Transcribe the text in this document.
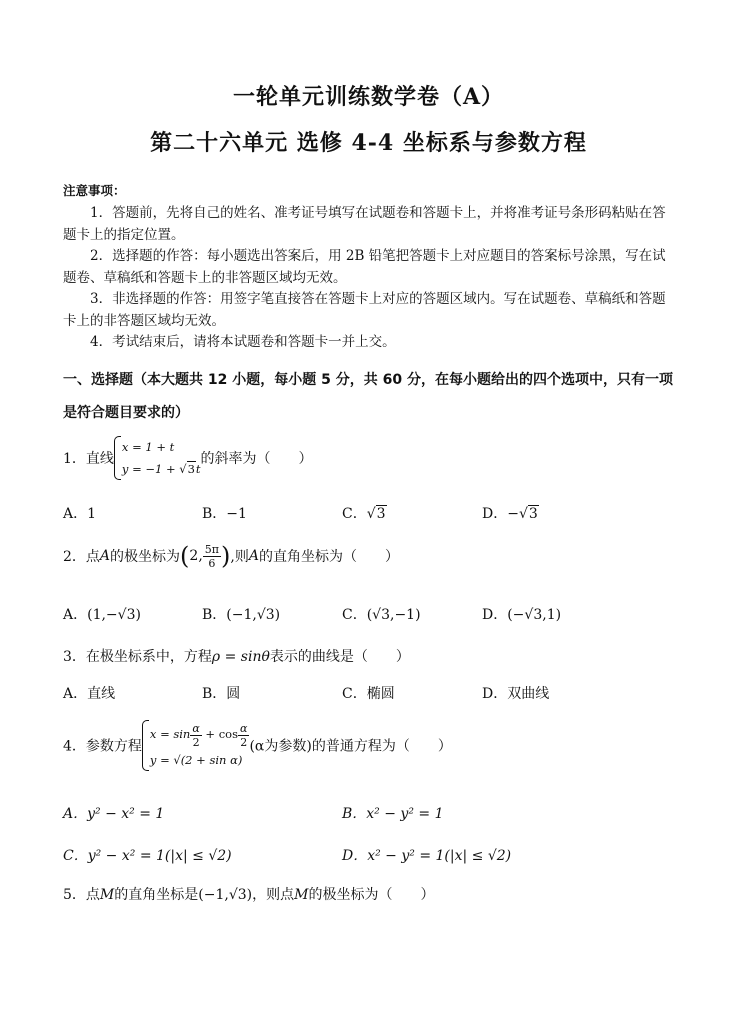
一轮单元训练数学卷（A）
第二十六单元 选修 4-4 坐标系与参数方程
注意事项：

1．答题前，先将自己的姓名、准考证号填写在试题卷和答题卡上，并将准考证号条形码粘贴在答题卡上的指定位置。

2．选择题的作答：每小题选出答案后，用 2B 铅笔把答题卡上对应题目的答案标号涂黑，写在试题卷、草稿纸和答题卡上的非答题区域均无效。

3．非选择题的作答：用签字笔直接答在答题卡上对应的答题区域内。写在试题卷、草稿纸和答题卡上的非答题区域均无效。

4．考试结束后，请将本试题卷和答题卡一并上交。

一、选择题（本大题共 12 小题，每小题 5 分，共 60 分，在每小题给出的四个选项中，只有一项是符合题目要求的）
1．直线
x = 1 + t
y = −1 + √3t
的斜率为（　　）
A．1	B．−1	C．√3	D．−√3
2．点A的极坐标为(2, $\frac{5\pi}{6}$ ),则A的直角坐标为（　　）
A．(1,−√3)	B．(−1,√3)	C．(√3,−1)	D．(−√3,1)
3．在极坐标系中，方程ρ = sinθ表示的曲线是（　　）
A．直线	B．圆	C．椭圆	D．双曲线
4．参数方程
$x = \sin \frac{\alpha}{2} + \cos \frac{\alpha}{2}$
y = √(2 + sin α)
(α为参数)的普通方程为（　　）
A．y² − x² = 1	B．x² − y² = 1
C．y² − x² = 1(|x| ≤ √2)	D．x² − y² = 1(|x| ≤ √2)
5．点M的直角坐标是(−1,√3)，则点M的极坐标为（　　）
